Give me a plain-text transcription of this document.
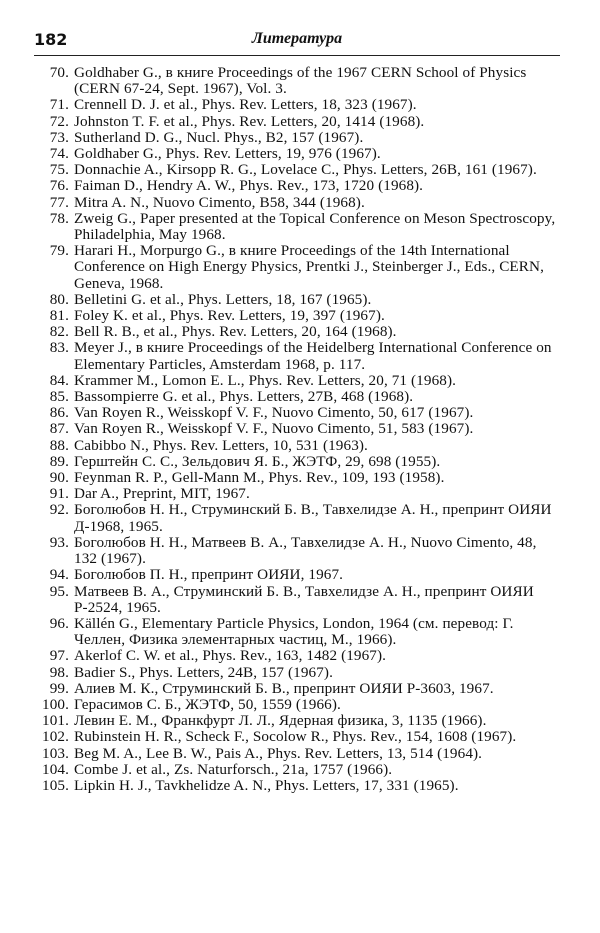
182	Литература
70. Goldhaber G., в книге Proceedings of the 1967 CERN School of Physics (CERN 67-24, Sept. 1967), Vol. 3.
71. Crennell D. J. et al., Phys. Rev. Letters, 18, 323 (1967).
72. Johnston T. F. et al., Phys. Rev. Letters, 20, 1414 (1968).
73. Sutherland D. G., Nucl. Phys., B2, 157 (1967).
74. Goldhaber G., Phys. Rev. Letters, 19, 976 (1967).
75. Donnachie A., Kirsopp R. G., Lovelace C., Phys. Letters, 26B, 161 (1967).
76. Faiman D., Hendry A. W., Phys. Rev., 173, 1720 (1968).
77. Mitra A. N., Nuovo Cimento, B58, 344 (1968).
78. Zweig G., Paper presented at the Topical Conference on Meson Spectroscopy, Philadelphia, May 1968.
79. Harari H., Morpurgo G., в книге Proceedings of the 14th International Conference on High Energy Physics, Prentki J., Steinberger J., Eds., CERN, Geneva, 1968.
80. Belletini G. et al., Phys. Letters, 18, 167 (1965).
81. Foley K. et al., Phys. Rev. Letters, 19, 397 (1967).
82. Bell R. B., et al., Phys. Rev. Letters, 20, 164 (1968).
83. Meyer J., в книге Proceedings of the Heidelberg International Conference on Elementary Particles, Amsterdam 1968, p. 117.
84. Krammer M., Lomon E. L., Phys. Rev. Letters, 20, 71 (1968).
85. Bassompierre G. et al., Phys. Letters, 27B, 468 (1968).
86. Van Royen R., Weisskopf V. F., Nuovo Cimento, 50, 617 (1967).
87. Van Royen R., Weisskopf V. F., Nuovo Cimento, 51, 583 (1967).
88. Cabibbo N., Phys. Rev. Letters, 10, 531 (1963).
89. Герштейн С. С., Зельдович Я. Б., ЖЭТФ, 29, 698 (1955).
90. Feynman R. P., Gell-Mann M., Phys. Rev., 109, 193 (1958).
91. Dar A., Preprint, MIT, 1967.
92. Боголюбов Н. Н., Струминский Б. В., Тавхелидзе А. Н., препринт ОИЯИ Д-1968, 1965.
93. Боголюбов Н. Н., Матвеев В. А., Тавхелидзе А. Н., Nuovo Cimento, 48, 132 (1967).
94. Боголюбов П. Н., препринт ОИЯИ, 1967.
95. Матвеев В. А., Струминский Б. В., Тавхелидзе А. Н., препринт ОИЯИ Р-2524, 1965.
96. Källén G., Elementary Particle Physics, London, 1964 (см. перевод: Г. Челлен, Физика элементарных частиц, М., 1966).
97. Akerlof C. W. et al., Phys. Rev., 163, 1482 (1967).
98. Badier S., Phys. Letters, 24B, 157 (1967).
99. Алиев М. К., Струминский Б. В., препринт ОИЯИ Р-3603, 1967.
100. Герасимов С. Б., ЖЭТФ, 50, 1559 (1966).
101. Левин Е. М., Франкфурт Л. Л., Ядерная физика, 3, 1135 (1966).
102. Rubinstein H. R., Scheck F., Socolow R., Phys. Rev., 154, 1608 (1967).
103. Beg M. A., Lee B. W., Pais A., Phys. Rev. Letters, 13, 514 (1964).
104. Combe J. et al., Zs. Naturforsch., 21a, 1757 (1966).
105. Lipkin H. J., Tavkhelidze A. N., Phys. Letters, 17, 331 (1965).
